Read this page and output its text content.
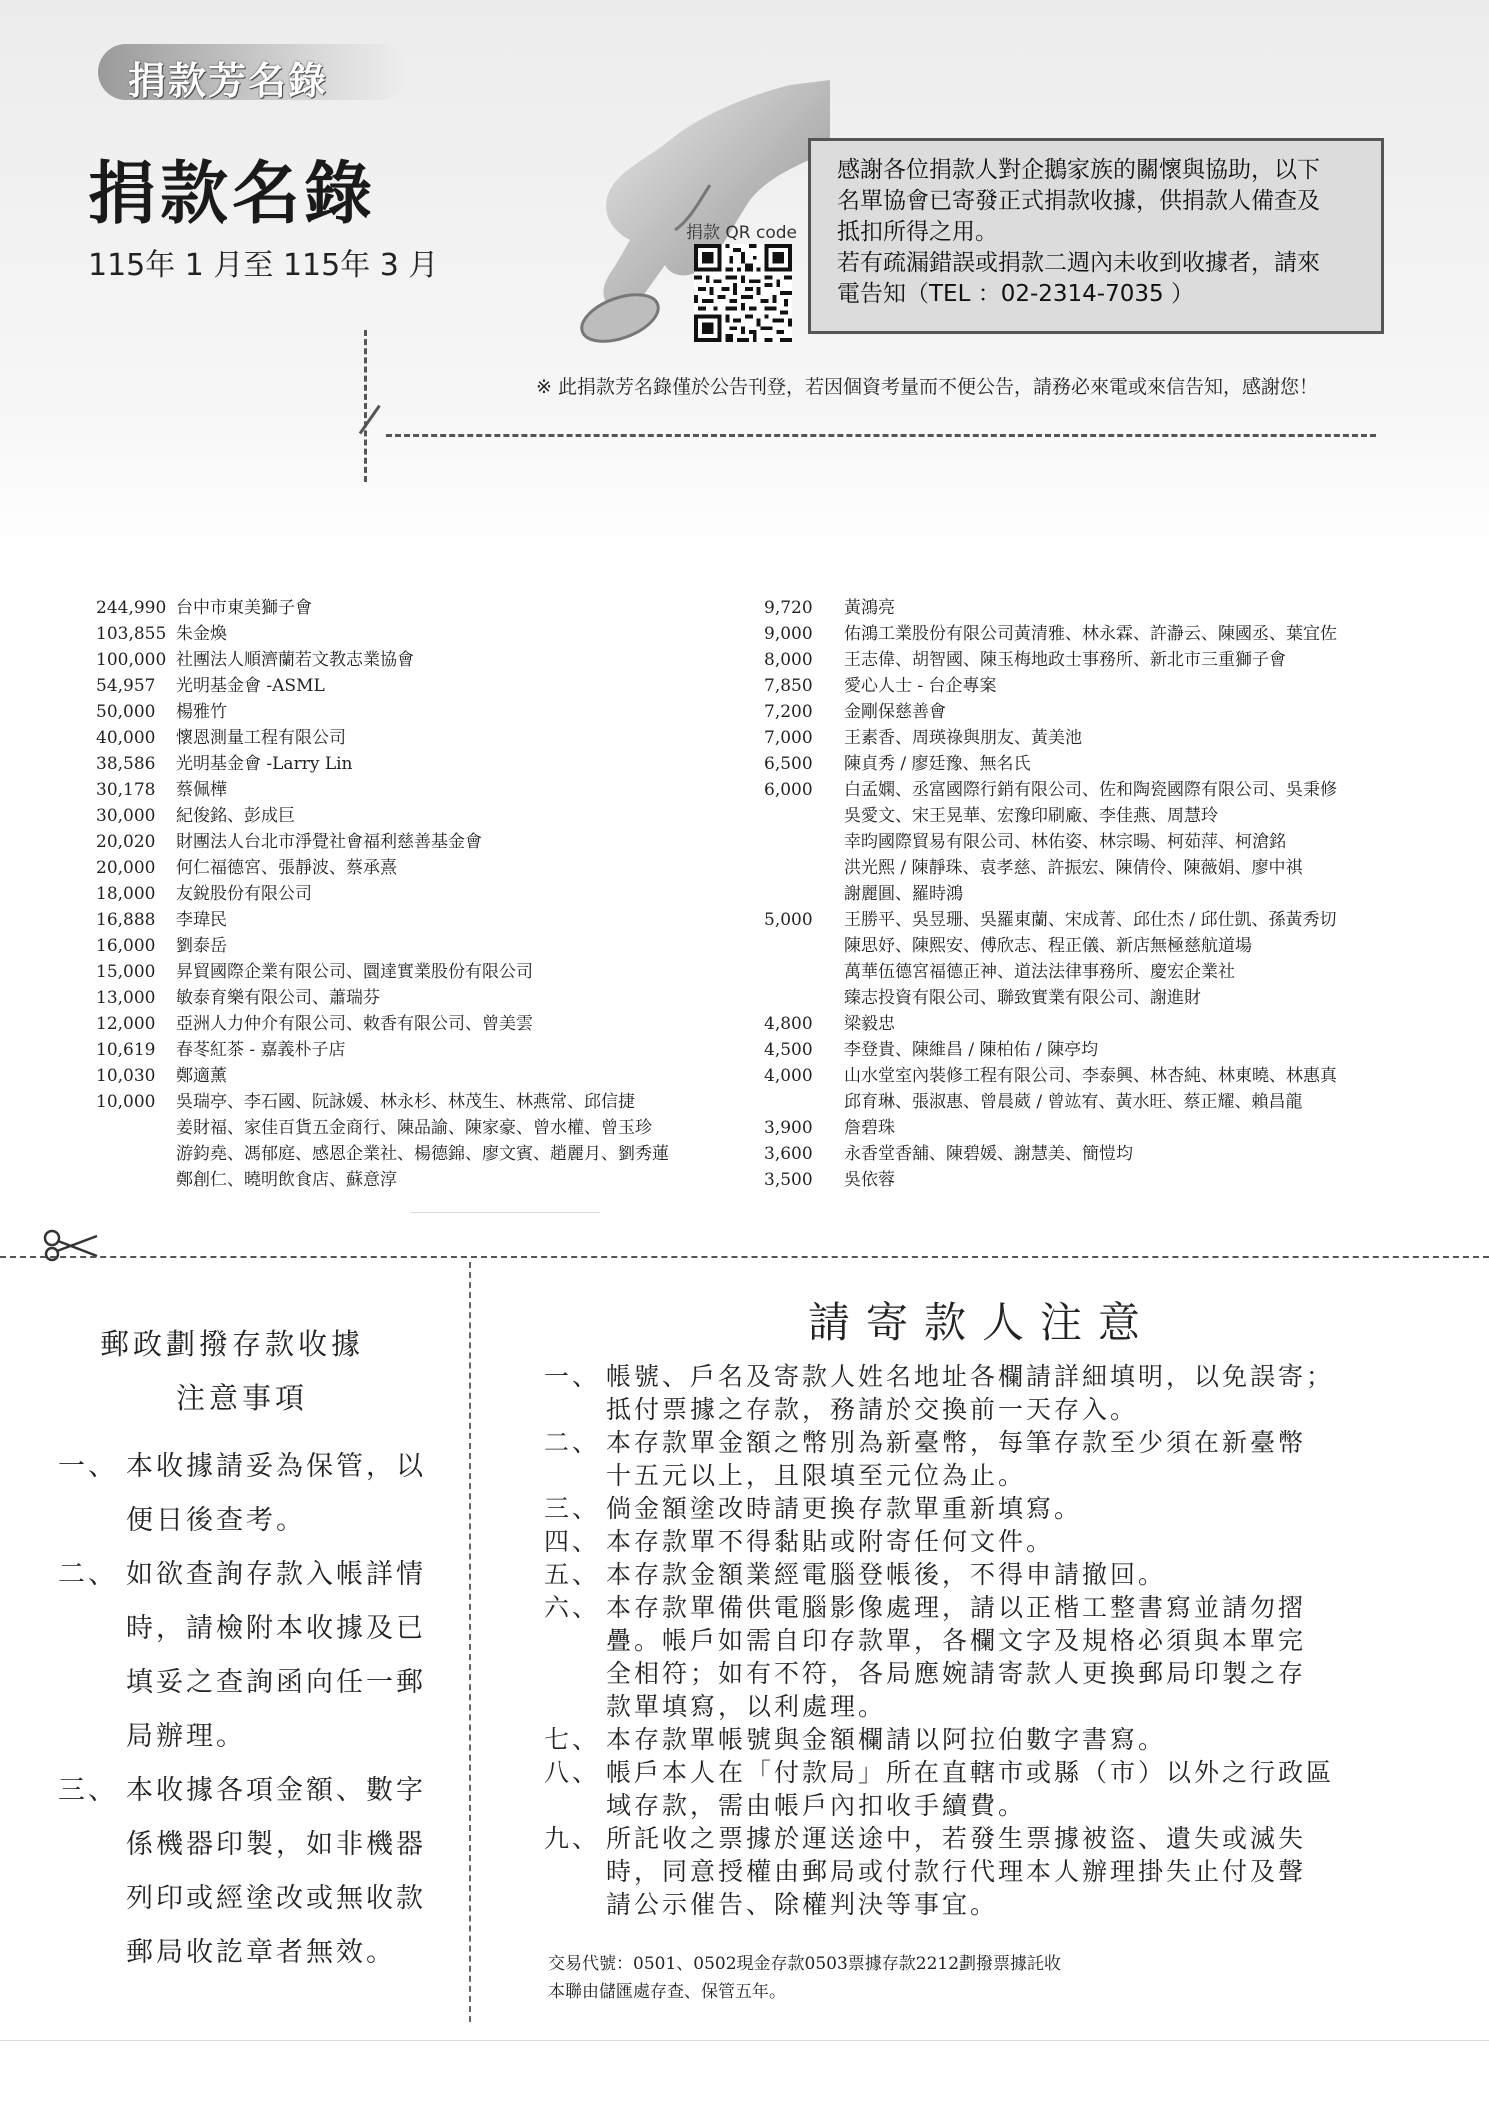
捐款芳名錄
捐款名錄
115年 1 月至 115年 3 月
捐款 QR code

感謝各位捐款人對企鵝家族的關懷與協助，以下

名單協會已寄發正式捐款收據，供捐款人備查及

抵扣所得之用。

若有疏漏錯誤或捐款二週內未收到收據者，請來

電告知（TEL ：02-2314-7035 ）

※ 此捐款芳名錄僅於公告刊登，若因個資考量而不便公告，請務必來電或來信告知，感謝您！
244,990 台中市東美獅子會
103,855 朱金煥
100,000 社團法人順濟蘭若文教志業協會
54,957	光明基金會 -ASML
50,000	楊雅竹
40,000	懷恩測量工程有限公司
38,586	光明基金會 -Larry Lin
30,178	蔡佩樺
30,000	紀俊銘、彭成巨
20,020	財團法人台北市淨覺社會福利慈善基金會
20,000	何仁福德宮、張靜波、蔡承熹
18,000	友銳股份有限公司
16,888	李瑋民
16,000	劉泰岳
15,000	昇貿國際企業有限公司、圜達實業股份有限公司
13,000	敏泰育樂有限公司、蕭瑞芬
12,000	亞洲人力仲介有限公司、敕香有限公司、曾美雲
10,619	春苳紅茶 - 嘉義朴子店
10,030	鄭適薰
10,000	吳瑞亭、李石國、阮詠媛、林永杉、林茂生、林燕常、邱信捷
姜財福、家佳百貨五金商行、陳品諭、陳家豪、曾水權、曾玉珍
游鈞堯、馮郁庭、感恩企業社、楊德錦、廖文賓、趙麗月、劉秀蓮
鄭創仁、曉明飲食店、蘇意淳
9,720	黃鴻亮
9,000	佑鴻工業股份有限公司黃清雅、林永霖、許瀞云、陳國丞、葉宜佐
8,000	王志偉、胡智國、陳玉梅地政士事務所、新北市三重獅子會
7,850	愛心人士 - 台企專案
7,200	金剛保慈善會
7,000	王素香、周瑛祿與朋友、黃美池
6,500	陳貞秀 / 廖廷豫、無名氏
6,000	白孟嫻、丞富國際行銷有限公司、佐和陶瓷國際有限公司、吳秉修
吳愛文、宋王晃華、宏豫印刷廠、李佳燕、周慧玲
幸昀國際貿易有限公司、林佑姿、林宗暘、柯茹萍、柯滄銘
洪光熙 / 陳靜珠、袁孝慈、許振宏、陳倩伶、陳薇娟、廖中祺
謝麗圓、羅時鴻
5,000	王勝平、吳昱珊、吳羅東蘭、宋成菁、邱仕杰 / 邱仕凱、孫黃秀切
陳思妤、陳熙安、傅欣志、程正儀、新店無極慈航道場
萬華伍德宮福德正神、道法法律事務所、慶宏企業社
臻志投資有限公司、聯致實業有限公司、謝進財
4,800	梁毅忠
4,500	李登貴、陳維昌 / 陳柏佑 / 陳亭均
4,000	山水堂室內裝修工程有限公司、李泰興、林杏純、林東曉、林惠真
邱育琳、張淑惠、曾晨葳 / 曾竑宥、黃水旺、蔡正耀、賴昌龍
3,900	詹碧珠
3,600	永香堂香舖、陳碧媛、謝慧美、簡愷均
3,500	吳依蓉
郵政劃撥存款收據
注意事項
一、 本收據請妥為保管，以
便日後查考。
二、 如欲查詢存款入帳詳情
時，請檢附本收據及已
填妥之查詢函向任一郵
局辦理。
三、 本收據各項金額、數字
係機器印製，如非機器
列印或經塗改或無收款
郵局收訖章者無效。
請寄款人注意
一、 帳號、戶名及寄款人姓名地址各欄請詳細填明，以免誤寄；
抵付票據之存款，務請於交換前一天存入。
二、 本存款單金額之幣別為新臺幣，每筆存款至少須在新臺幣
十五元以上，且限填至元位為止。
三、 倘金額塗改時請更換存款單重新填寫。
四、 本存款單不得黏貼或附寄任何文件。
五、 本存款金額業經電腦登帳後，不得申請撤回。
六、 本存款單備供電腦影像處理，請以正楷工整書寫並請勿摺
疊。帳戶如需自印存款單，各欄文字及規格必須與本單完
全相符；如有不符，各局應婉請寄款人更換郵局印製之存
款單填寫，以利處理。
七、 本存款單帳號與金額欄請以阿拉伯數字書寫。
八、 帳戶本人在「付款局」所在直轄市或縣（市）以外之行政區
域存款，需由帳戶內扣收手續費。
九、 所託收之票據於運送途中，若發生票據被盜、遺失或滅失
時，同意授權由郵局或付款行代理本人辦理掛失止付及聲
請公示催告、除權判決等事宜。
交易代號：0501、0502現金存款0503票據存款2212劃撥票據託收
本聯由儲匯處存查、保管五年。
